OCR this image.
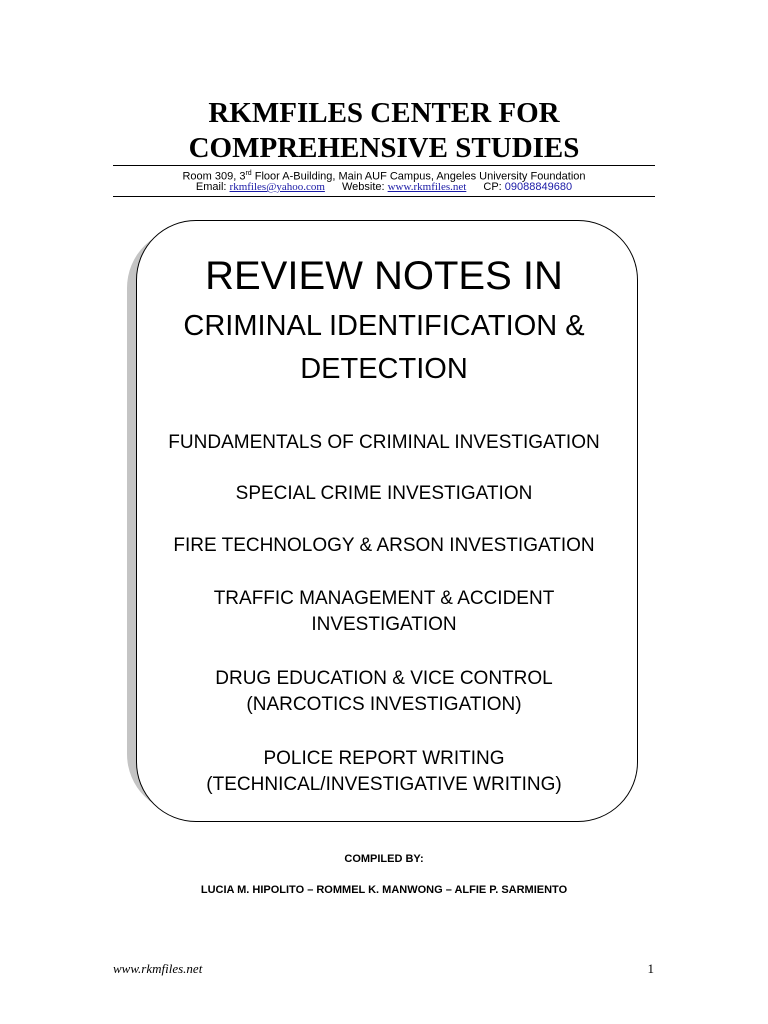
RKMFILES CENTER FOR
COMPREHENSIVE STUDIES
Room 309, 3rd Floor A-Building, Main AUF Campus, Angeles University Foundation
Email: rkmfiles@yahoo.com Website: www.rkmfiles.net CP: 09088849680
REVIEW NOTES IN
CRIMINAL IDENTIFICATION &
DETECTION
FUNDAMENTALS OF CRIMINAL INVESTIGATION
SPECIAL CRIME INVESTIGATION
FIRE TECHNOLOGY & ARSON INVESTIGATION
TRAFFIC MANAGEMENT & ACCIDENT
INVESTIGATION
DRUG EDUCATION & VICE CONTROL
(NARCOTICS INVESTIGATION)
POLICE REPORT WRITING
(TECHNICAL/INVESTIGATIVE WRITING)
COMPILED BY:
LUCIA M. HIPOLITO – ROMMEL K. MANWONG – ALFIE P. SARMIENTO
www.rkmfiles.net	1
